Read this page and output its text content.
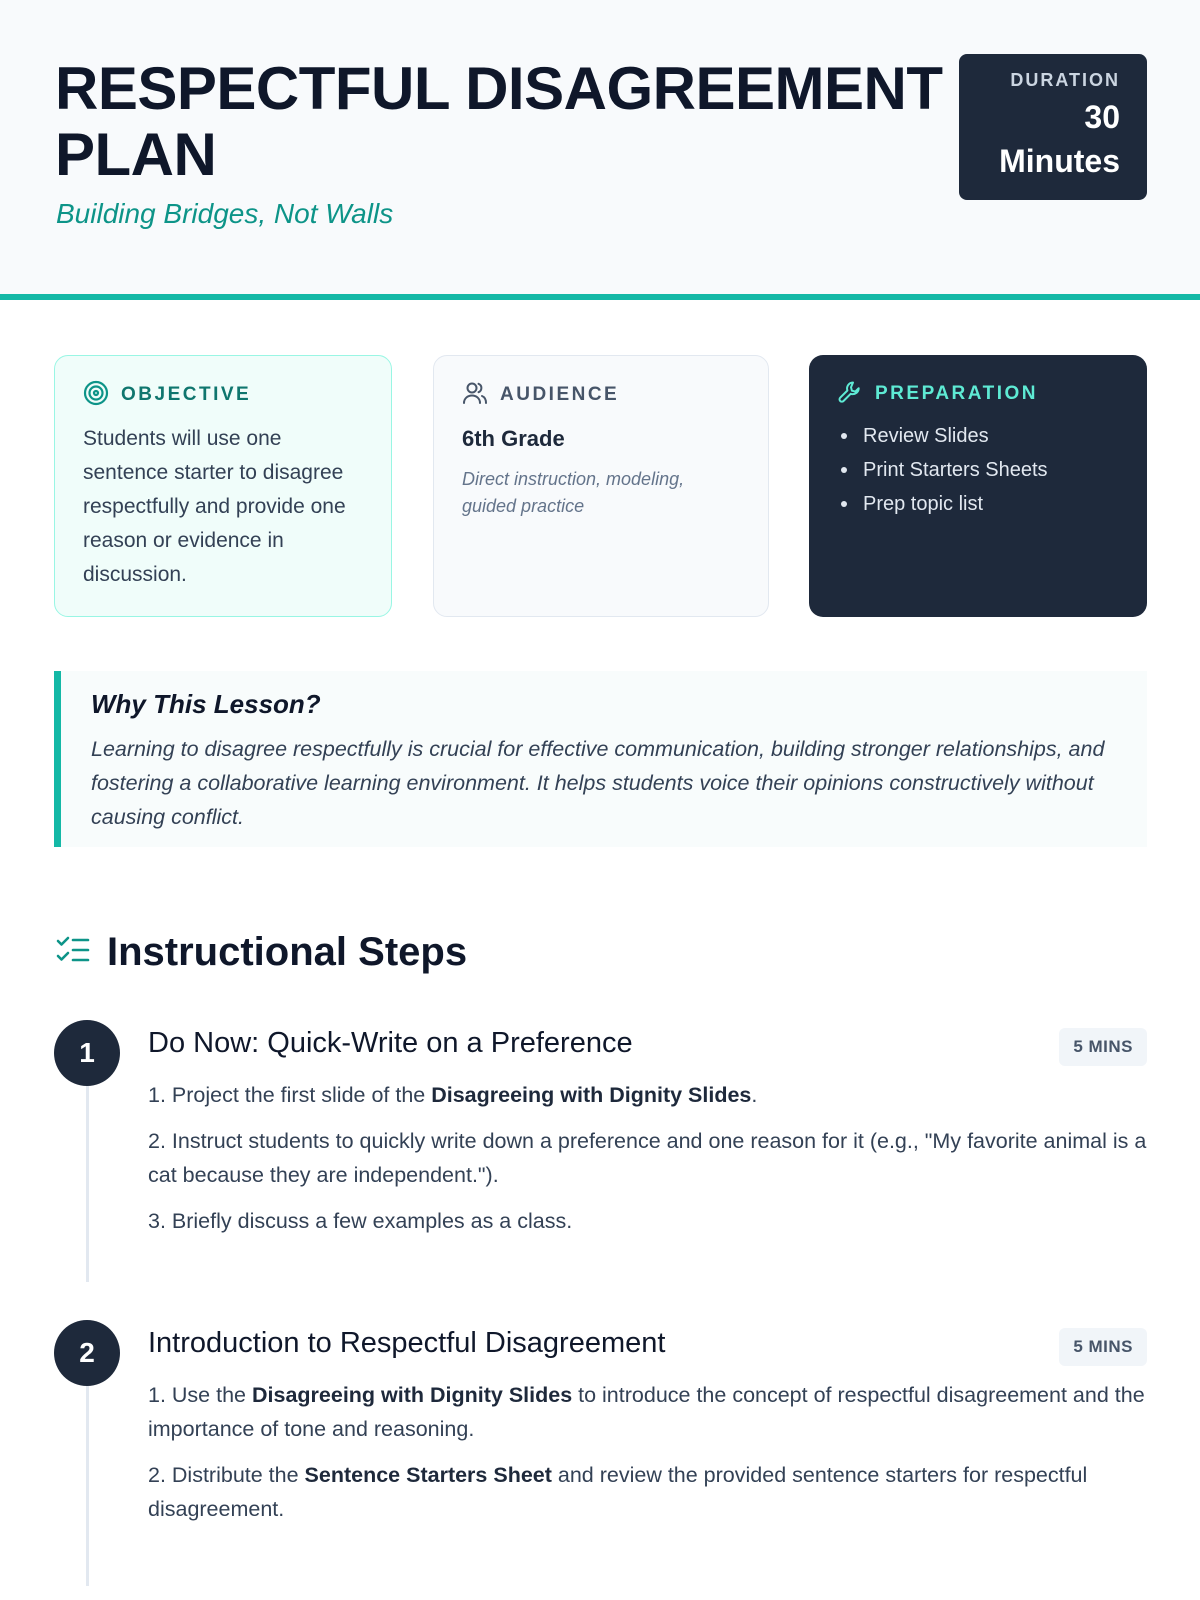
RESPECTFUL DISAGREEMENT PLAN
Building Bridges, Not Walls
DURATION
30
Minutes
OBJECTIVE
Students will use one sentence starter to disagree respectfully and provide one reason or evidence in discussion.
AUDIENCE
6th Grade
Direct instruction, modeling, guided practice
PREPARATION
Review Slides
Print Starters Sheets
Prep topic list
Why This Lesson?
Learning to disagree respectfully is crucial for effective communication, building stronger relationships, and fostering a collaborative learning environment. It helps students voice their opinions constructively without causing conflict.
Instructional Steps
1	Do Now: Quick-Write on a Preference	5 MINS

1. Project the first slide of the Disagreeing with Dignity Slides.

2. Instruct students to quickly write down a preference and one reason for it (e.g., "My favorite animal is a cat because they are independent.").

3. Briefly discuss a few examples as a class.

2	Introduction to Respectful Disagreement	5 MINS

1. Use the Disagreeing with Dignity Slides to introduce the concept of respectful disagreement and the importance of tone and reasoning.

2. Distribute the Sentence Starters Sheet and review the provided sentence starters for respectful disagreement.
